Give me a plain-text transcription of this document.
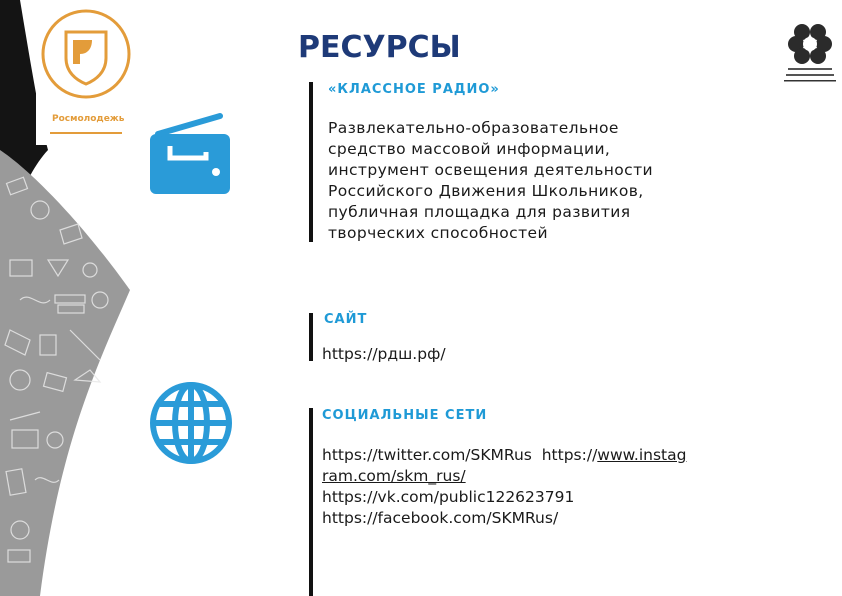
Росмолодежь
РЕСУРСЫ
«КЛАССНОЕ РАДИО»
Развлекательно-образовательное
средство массовой информации,
инструмент освещения деятельности
Российского Движения Школьников,
публичная площадка для развития
творческих способностей
САЙТ
https://рдш.рф/
СОЦИАЛЬНЫЕ СЕТИ
https://twitter.com/SKMRus https://www.instag
ram.com/skm_rus/
https://vk.com/public122623791
https://facebook.com/SKMRus/
